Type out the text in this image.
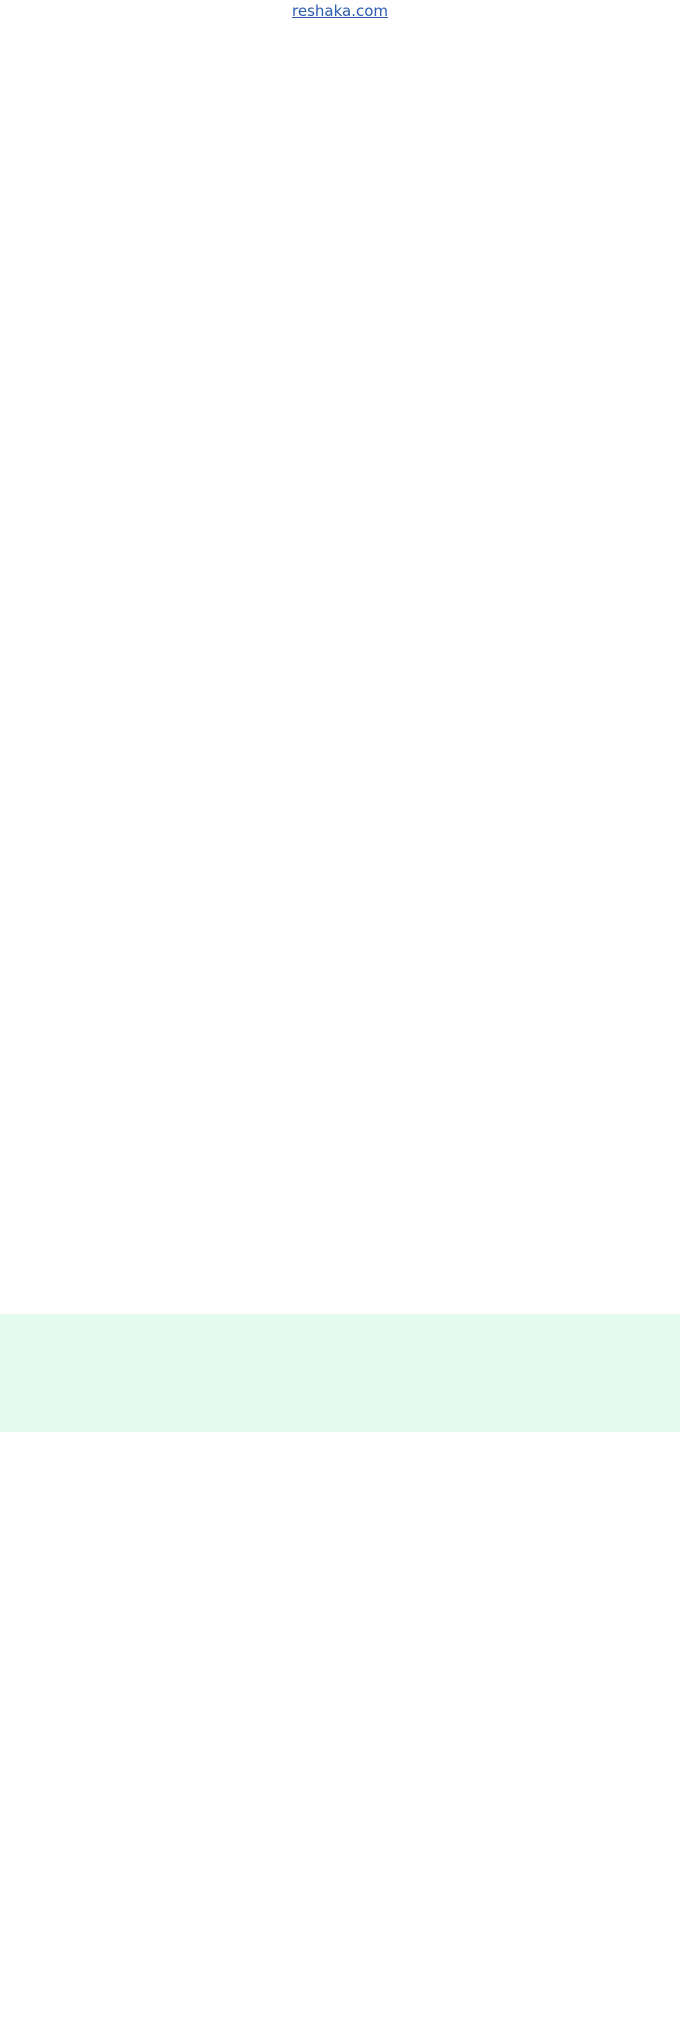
reshaka.com
